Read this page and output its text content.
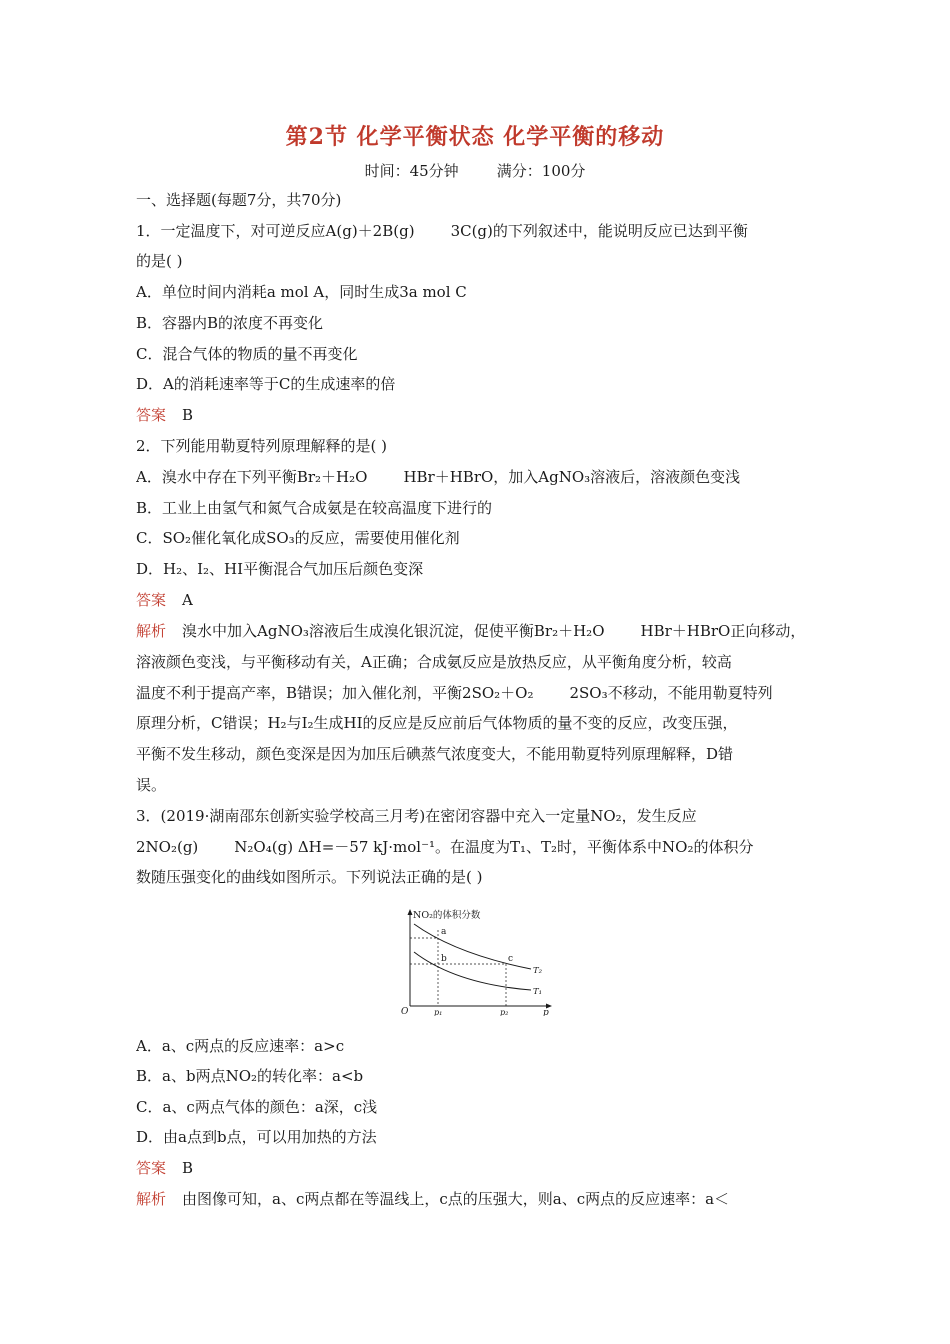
第2节 化学平衡状态 化学平衡的移动
时间：45分钟        满分：100分
一、选择题(每题7分，共70分)
1．一定温度下，对可逆反应A(g)＋2B(g) 3C(g)的下列叙述中，能说明反应已达到平衡
的是( )
A．单位时间内消耗a mol A，同时生成3a mol C
B．容器内B的浓度不再变化
C．混合气体的物质的量不再变化
D．A的消耗速率等于C的生成速率的倍
答案 B
2．下列能用勒夏特列原理解释的是( )
A．溴水中存在下列平衡Br₂＋H₂O HBr＋HBrO，加入AgNO₃溶液后，溶液颜色变浅
B．工业上由氢气和氮气合成氨是在较高温度下进行的
C．SO₂催化氧化成SO₃的反应，需要使用催化剂
D．H₂、I₂、HI平衡混合气加压后颜色变深
答案 A
解析 溴水中加入AgNO₃溶液后生成溴化银沉淀，促使平衡Br₂＋H₂O HBr＋HBrO正向移动，
溶液颜色变浅，与平衡移动有关，A正确；合成氨反应是放热反应，从平衡角度分析，较高
温度不利于提高产率，B错误；加入催化剂，平衡2SO₂＋O₂ 2SO₃不移动，不能用勒夏特列
原理分析，C错误；H₂与I₂生成HI的反应是反应前后气体物质的量不变的反应，改变压强，
平衡不发生移动，颜色变深是因为加压后碘蒸气浓度变大，不能用勒夏特列原理解释，D错
误。
3．(2019·湖南邵东创新实验学校高三月考)在密闭容器中充入一定量NO₂，发生反应
2NO₂(g) N₂O₄(g) ΔH=－57 kJ·mol⁻¹。在温度为T₁、T₂时，平衡体系中NO₂的体积分
数随压强变化的曲线如图所示。下列说法正确的是( )
NO₂的体积分数
O	p
p₁	p₂
a
b	c
T₂
T₁
A．a、c两点的反应速率：a>c
B．a、b两点NO₂的转化率：a<b
C．a、c两点气体的颜色：a深，c浅
D．由a点到b点，可以用加热的方法
答案 B
解析 由图像可知，a、c两点都在等温线上，c点的压强大，则a、c两点的反应速率：a＜
